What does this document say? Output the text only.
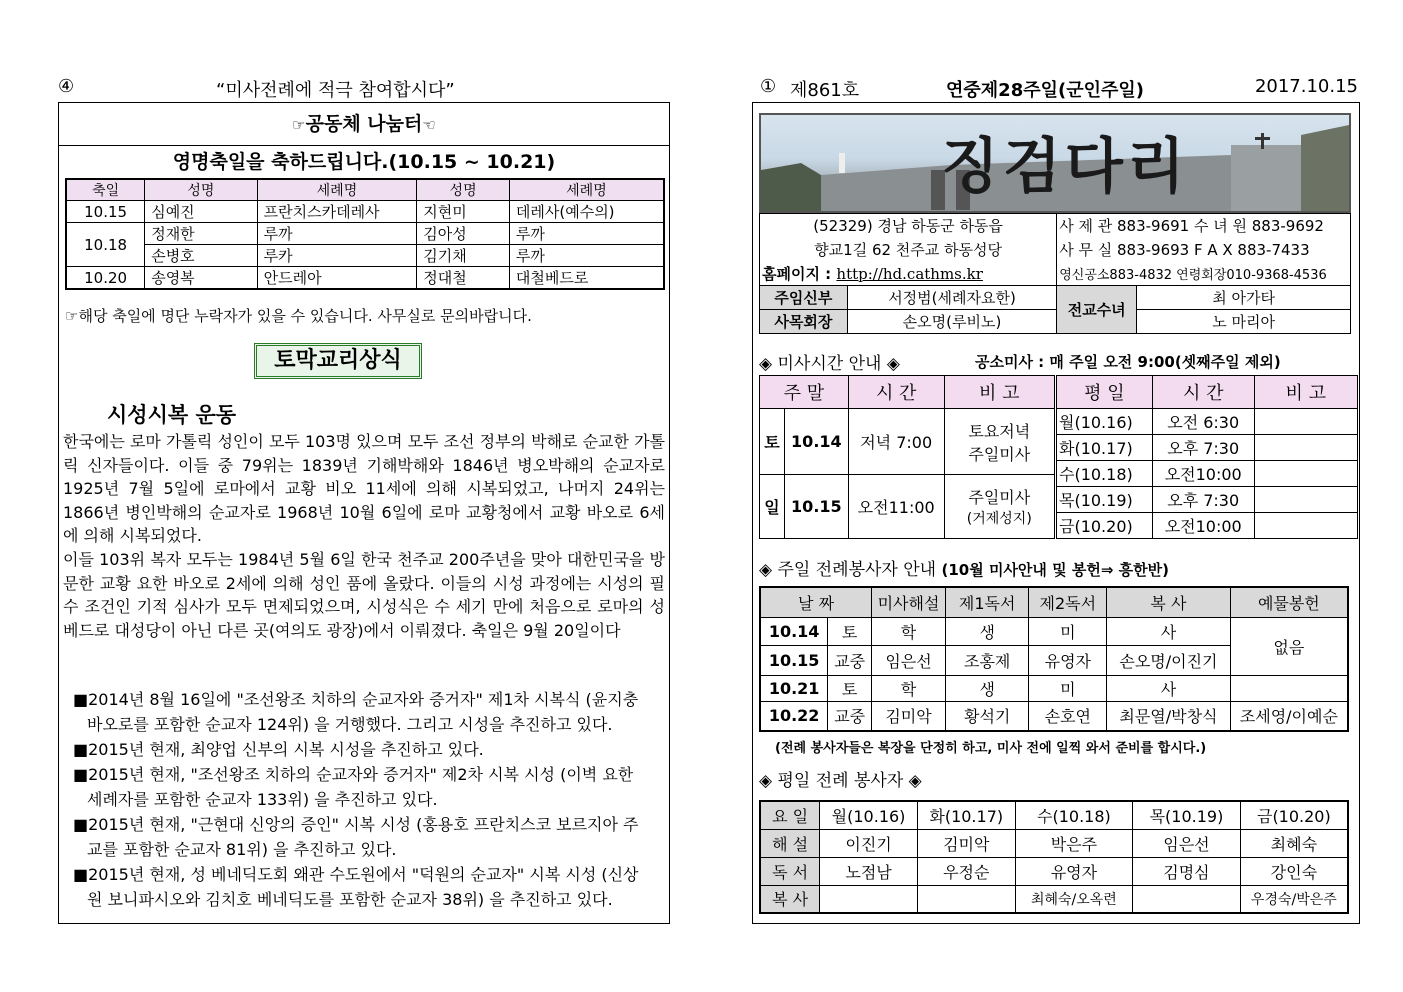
④	“미사전례에 적극 참여합시다”
☞공동체 나눔터☜
영명축일을 축하드립니다.(10.15 ~ 10.21)
축일	성명	세례명	성명	세례명
10.15	심예진	프란치스카데레사	지현미	데레사(예수의)
10.18	정재한	루까	김아성	루까
	손병호	루카	김기채	루까
10.20	송영복	안드레아	정대철	대철베드로
☞해당 축일에 명단 누락자가 있을 수 있습니다. 사무실로 문의바랍니다.
토막교리상식
시성시복 운동
한국에는 로마 가톨릭 성인이 모두 103명 있으며 모두 조선 정부의 박해로 순교한 가톨릭 신자들이다. 이들 중 79위는 1839년 기해박해와 1846년 병오박해의 순교자로 1925년 7월 5일에 로마에서 교황 비오 11세에 의해 시복되었고, 나머지 24위는 1866년 병인박해의 순교자로 1968년 10월 6일에 로마 교황청에서 교황 바오로 6세에 의해 시복되었다.
이들 103위 복자 모두는 1984년 5월 6일 한국 천주교 200주년을 맞아 대한민국을 방문한 교황 요한 바오로 2세에 의해 성인 품에 올랐다. 이들의 시성 과정에는 시성의 필수 조건인 기적 심사가 모두 면제되었으며, 시성식은 수 세기 만에 처음으로 로마의 성 베드로 대성당이 아닌 다른 곳(여의도 광장)에서 이뤄졌다. 축일은 9월 20일이다
■2014년 8월 16일에 "조선왕조 치하의 순교자와 증거자" 제1차 시복식 (윤지충
바오로를 포함한 순교자 124위) 을 거행했다. 그리고 시성을 추진하고 있다.
■2015년 현재, 최양업 신부의 시복 시성을 추진하고 있다.
■2015년 현재, "조선왕조 치하의 순교자와 증거자" 제2차 시복 시성 (이벽 요한
세례자를 포함한 순교자 133위) 을 추진하고 있다.
■2015년 현재, "근현대 신앙의 증인" 시복 시성 (홍용호 프란치스코 보르지아 주
교를 포함한 순교자 81위) 을 추진하고 있다.
■2015년 현재, 성 베네딕도회 왜관 수도원에서 "덕원의 순교자" 시복 시성 (신상
원 보니파시오와 김치호 베네딕도를 포함한 순교자 38위) 을 추진하고 있다.
① 제861호	연중제28주일(군인주일)	2017.10.15
징검다리
(52329) 경남 하동군 하동읍		사 제 관 883-9691 수 녀 원 883-9692	
향교1길 62 천주교 하동성당		사 무 실 883-9693 F A X 883-7433	
홈페이지 : http://hd.cathms.kr		영신공소883-4832 연령회장010-9368-4536	
주임신부	서정범(세례자요한)	전교수녀	최 아가타
사목회장	손오명(루비노)		노 마리아
◈ 미사시간 안내 ◈	공소미사 : 매 주일 오전 9:00(셋째주일 제외)
주 말		시 간	비 고
토	10.14	저녁 7:00	토요저녁
주일미사

일	10.15	오전11:00	주일미사
(거제성지)
평 일	시 간	비 고
월(10.16)	오전 6:30	
화(10.17)	오후 7:30	
수(10.18)	오전10:00	
목(10.19)	오후 7:30	
금(10.20)	오전10:00	
◈ 주일 전례봉사자 안내 (10월 미사안내 및 봉헌⇒ 흥한반)
날 짜		미사해설	제1독서	제2독서	복 사	예물봉헌
10.14	토	학	생	미	사	없음
10.15	교중	임은선	조홍제	유영자	손오명/이진기	
10.21	토	학	생	미	사	
10.22	교중	김미악	황석기	손호연	최문열/박창식	조세영/이예순
(전례 봉사자들은 복장을 단정히 하고, 미사 전에 일찍 와서 준비를 합시다.)
◈ 평일 전례 봉사자 ◈
요 일	월(10.16)	화(10.17)	수(10.18)	목(10.19)	금(10.20)
해 설	이진기	김미악	박은주	임은선	최혜숙
독 서	노점남	우정순	유영자	김명심	강인숙
복 사			최혜숙/오옥련		우경숙/박은주
